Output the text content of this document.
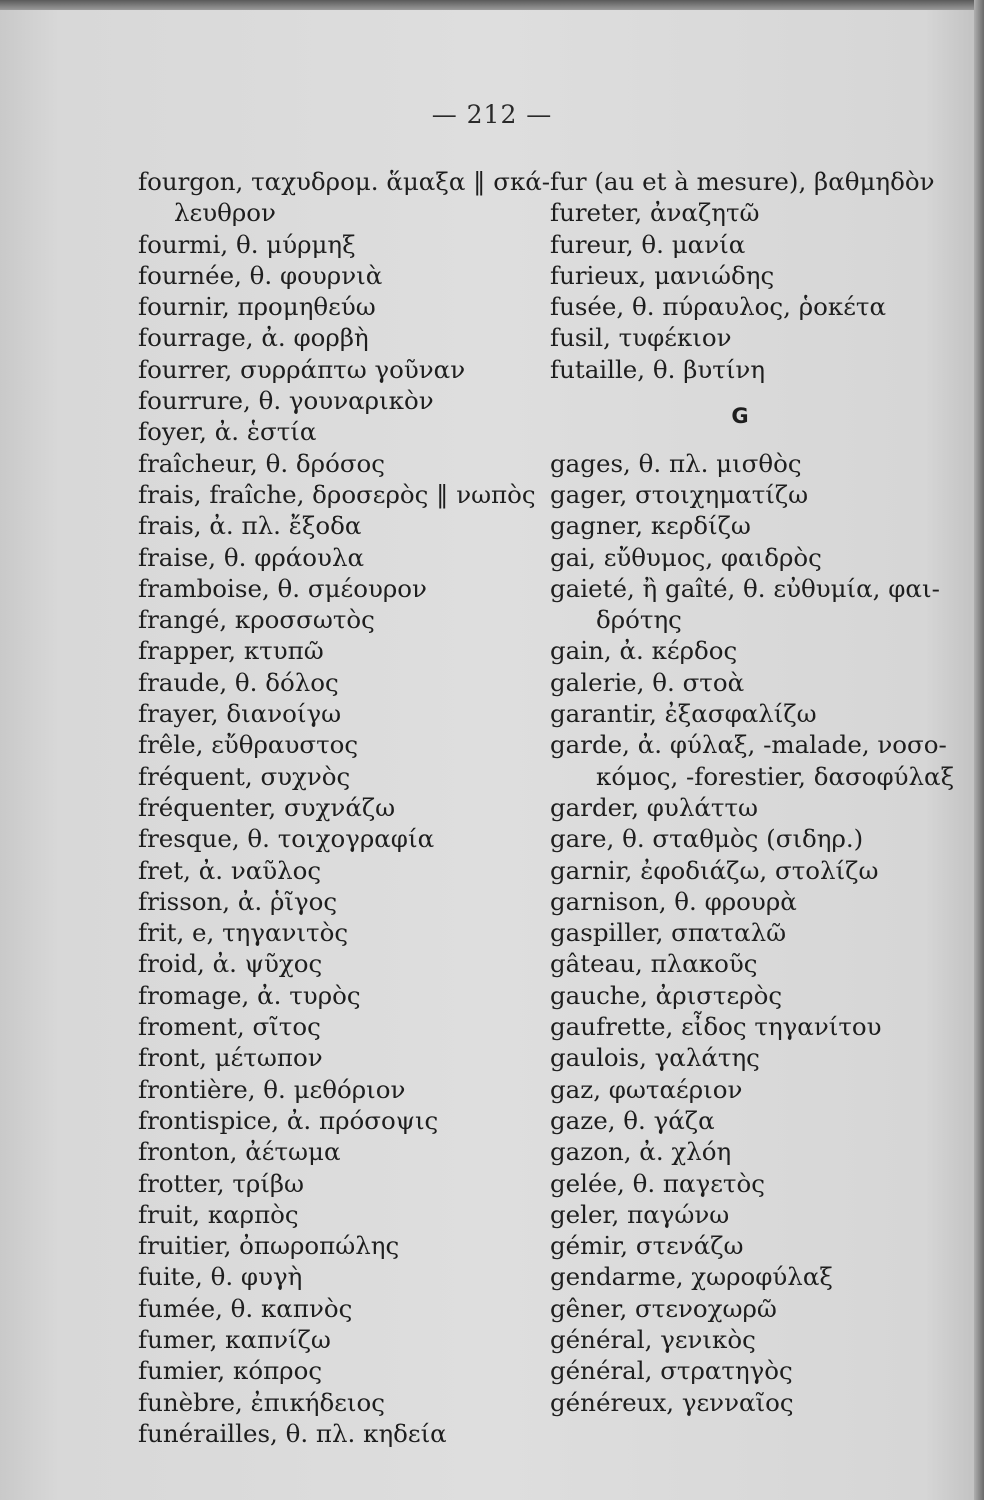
— 212 —
fourgon, ταχυδρομ. ἅμαξα ‖ σκά-
λευθρον
fourmi, θ. μύρμηξ
fournée, θ. φουρνιὰ
fournir, προμηθεύω
fourrage, ἀ. φορβὴ
fourrer, συρράπτω γοῦναν
fourrure, θ. γουναρικὸν
foyer, ἀ. ἑστία
fraîcheur, θ. δρόσος
frais, fraîche, δροσερὸς ‖ νωπὸς
frais, ἀ. πλ. ἔξοδα
fraise, θ. φράουλα
framboise, θ. σμέουρον
frangé, κροσσωτὸς
frapper, κτυπῶ
fraude, θ. δόλος
frayer, διανοίγω
frêle, εὔθραυστος
fréquent, συχνὸς
fréquenter, συχνάζω
fresque, θ. τοιχογραφία
fret, ἀ. ναῦλος
frisson, ἀ. ῥῖγος
frit, e, τηγανιτὸς
froid, ἀ. ψῦχος
fromage, ἀ. τυρὸς
froment, σῖτος
front, μέτωπον
frontière, θ. μεθόριον
frontispice, ἀ. πρόσοψις
fronton, ἀέτωμα
frotter, τρίβω
fruit, καρπὸς
fruitier, ὀπωροπώλης
fuite, θ. φυγὴ
fumée, θ. καπνὸς
fumer, καπνίζω
fumier, κόπρος
funèbre, ἐπικήδειος
funérailles, θ. πλ. κηδεία
fur (au et à mesure), βαθμηδὸν
fureter, ἀναζητῶ
fureur, θ. μανία
furieux, μανιώδης
fusée, θ. πύραυλος, ῥοκέτα
fusil, τυφέκιον
futaille, θ. βυτίνη
G
gages, θ. πλ. μισθὸς
gager, στοιχηματίζω
gagner, κερδίζω
gai, εὔθυμος, φαιδρὸς
gaieté, ἢ gaîté, θ. εὐθυμία, φαι-
δρότης
gain, ἀ. κέρδος
galerie, θ. στοὰ
garantir, ἐξασφαλίζω
garde, ἀ. φύλαξ, -malade, νοσο-
κόμος, -forestier, δασοφύλαξ
garder, φυλάττω
gare, θ. σταθμὸς (σιδηρ.)
garnir, ἐφοδιάζω, στολίζω
garnison, θ. φρουρὰ
gaspiller, σπαταλῶ
gâteau, πλακοῦς
gauche, ἀριστερὸς
gaufrette, εἶδος τηγανίτου
gaulois, γαλάτης
gaz, φωταέριον
gaze, θ. γάζα
gazon, ἀ. χλόη
gelée, θ. παγετὸς
geler, παγώνω
gémir, στενάζω
gendarme, χωροφύλαξ
gêner, στενοχωρῶ
général, γενικὸς
général, στρατηγὸς
généreux, γενναῖος
